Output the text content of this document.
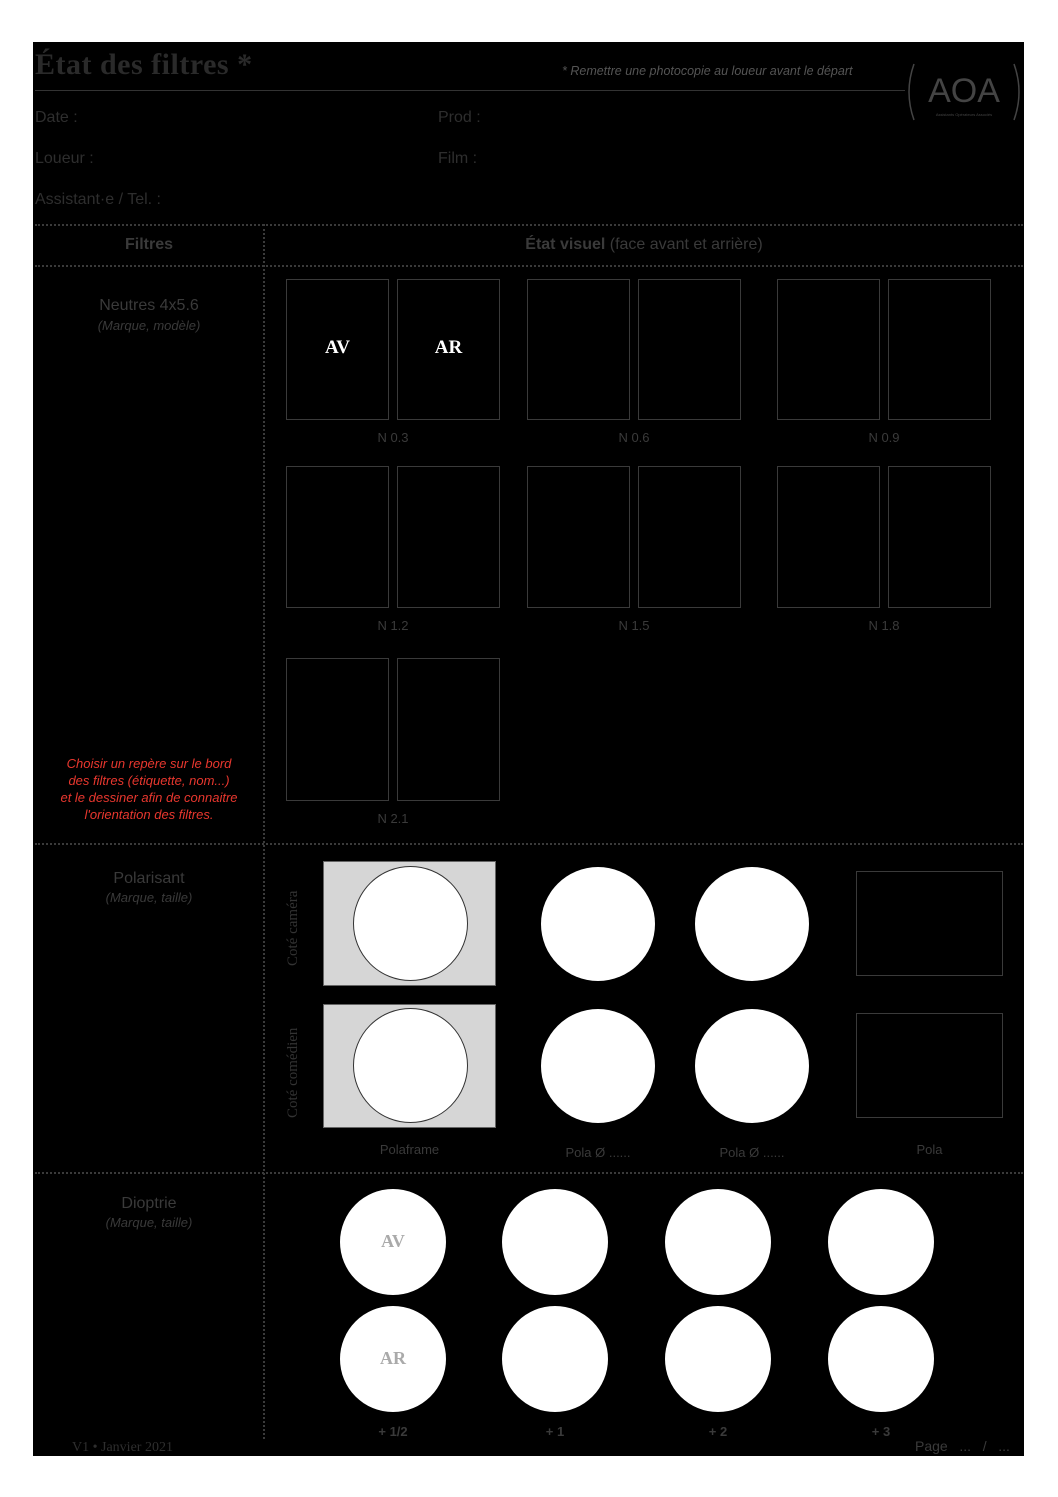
État des filtres *	* Remettre une photocopie au loueur avant le départ
AOA
Assistants Opérateurs Associés
Date :	Prod :
Loueur :	Film :
Assistant·e / Tel. :
Filtres	État visuel (face avant et arrière)
Neutres 4x5.6
(Marque, modèle)
AV	AR
N 0.3	N 0.6	N 0.9
N 1.2	N 1.5	N 1.8
N 2.1
Choisir un repère sur le bord
des filtres (étiquette, nom...)
et le dessiner afin de connaitre
l'orientation des filtres.
Polarisant
(Marque, taille)	Coté caméra
Coté comédien
Polaframe	Pola Ø ......	Pola Ø ......	Pola
Dioptrie
(Marque, taille)
AV
AR
+ 1/2	+ 1	+ 2	+ 3
V1 • Janvier 2021	Page   ...   /   ...
